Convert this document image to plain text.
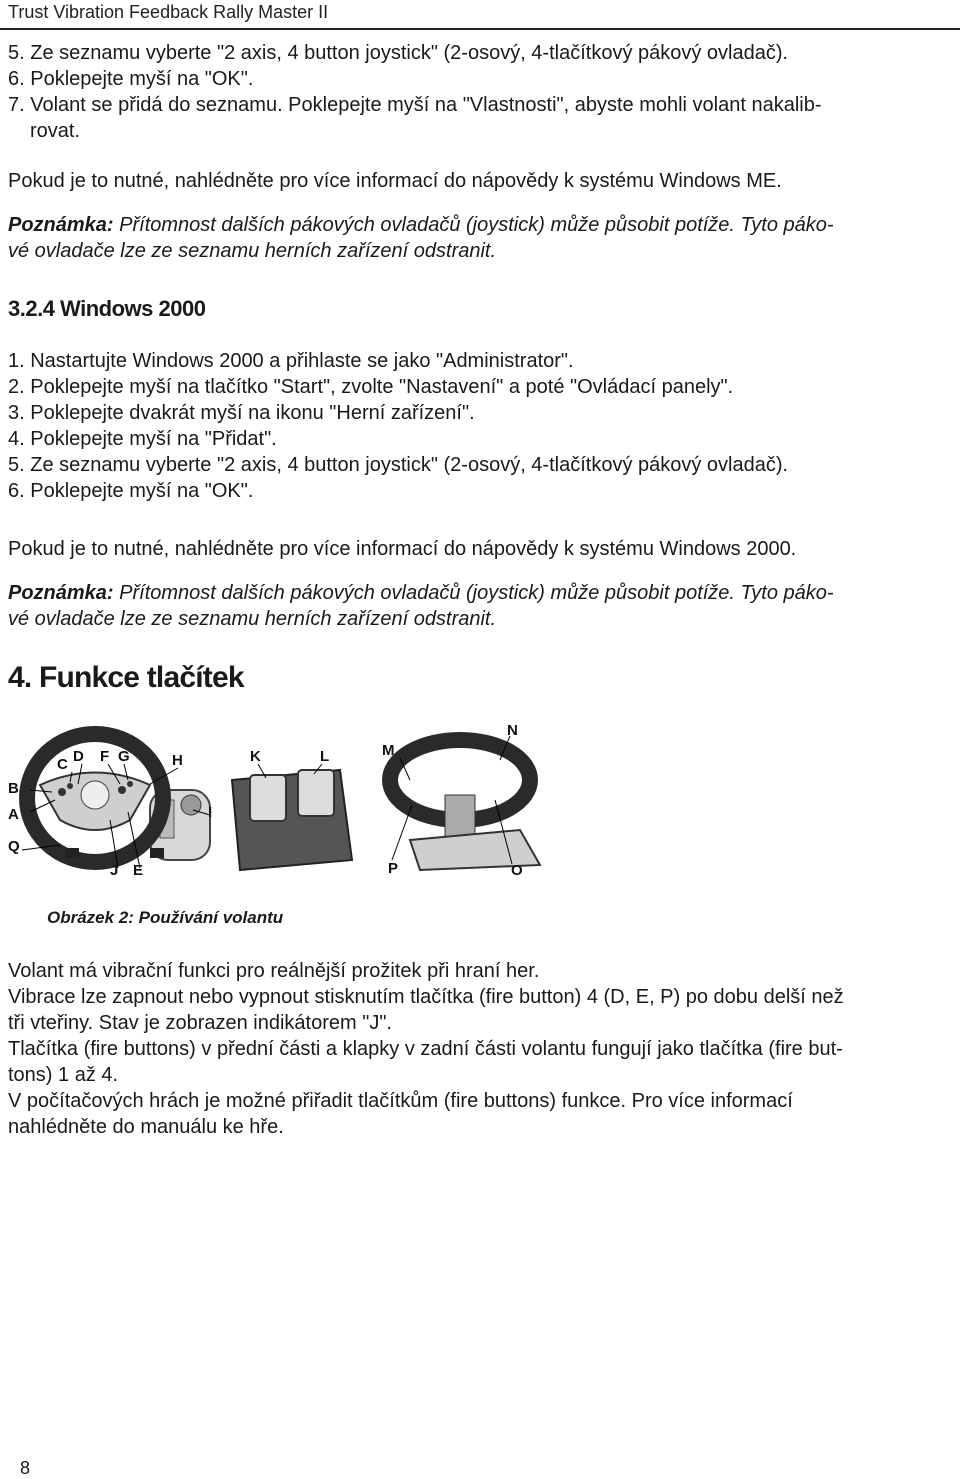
Trust Vibration Feedback Rally Master II
5. Ze seznamu vyberte "2 axis, 4 button joystick" (2-osový, 4-tlačítkový pákový ovladač).
6. Poklepejte myší na "OK".
7. Volant se přidá do seznamu. Poklepejte myší na "Vlastnosti", abyste mohli volant nakalib-
rovat.
Pokud je to nutné, nahlédněte pro více informací do nápovědy k systému Windows ME.
Poznámka: Přítomnost dalších pákových ovladačů (joystick) může působit potíže. Tyto páko-
vé ovladače lze ze seznamu herních zařízení odstranit.
3.2.4 Windows 2000
1. Nastartujte Windows 2000 a přihlaste se jako "Administrator".
2. Poklepejte myší na tlačítko "Start", zvolte "Nastavení" a poté "Ovládací panely".
3. Poklepejte dvakrát myší na ikonu "Herní zařízení".
4. Poklepejte myší na "Přidat".
5. Ze seznamu vyberte "2 axis, 4 button joystick" (2-osový, 4-tlačítkový pákový ovladač).
6. Poklepejte myší na "OK".
Pokud je to nutné, nahlédněte pro více informací do nápovědy k systému Windows 2000.
Poznámka: Přítomnost dalších pákových ovladačů (joystick) může působit potíže. Tyto páko-
vé ovladače lze ze seznamu herních zařízení odstranit.
4. Funkce tlačítek
B
A
Q
C D F G	H
I
J E
K	L	M
N
P	O
Obrázek 2: Používání volantu
Volant má vibrační funkci pro reálnější prožitek při hraní her.
Vibrace lze zapnout nebo vypnout stisknutím tlačítka (fire button) 4 (D, E, P) po dobu delší než
tři vteřiny. Stav je zobrazen indikátorem "J".
Tlačítka (fire buttons) v přední části a klapky v zadní části volantu fungují jako tlačítka (fire but-
tons) 1 až 4.
V počítačových hrách je možné přiřadit tlačítkům (fire buttons) funkce. Pro více informací
nahlédněte do manuálu ke hře.
8
